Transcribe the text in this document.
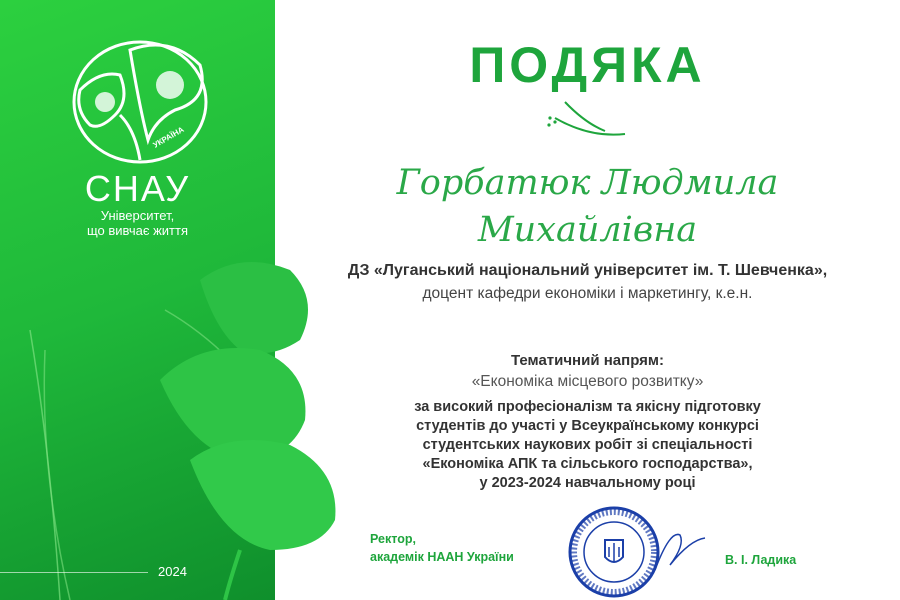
УКРАЇНА
СНАУ
Університет,
що вивчає життя
2024
ПОДЯКА
Горбатюк Людмила
Михайлівна
ДЗ «Луганський національний університет ім. Т. Шевченка»,
доцент кафедри економіки і маркетингу, к.е.н.
Тематичний напрям:
«Економіка місцевого розвитку»
за високий професіоналізм та якісну підготовку
студентів до участі у Всеукраїнському конкурсі
студентських наукових робіт зі спеціальності
«Економіка АПК та сільського господарства»,
у 2023-2024 навчальному році
Ректор,
академік НААН України	В. І. Ладика
